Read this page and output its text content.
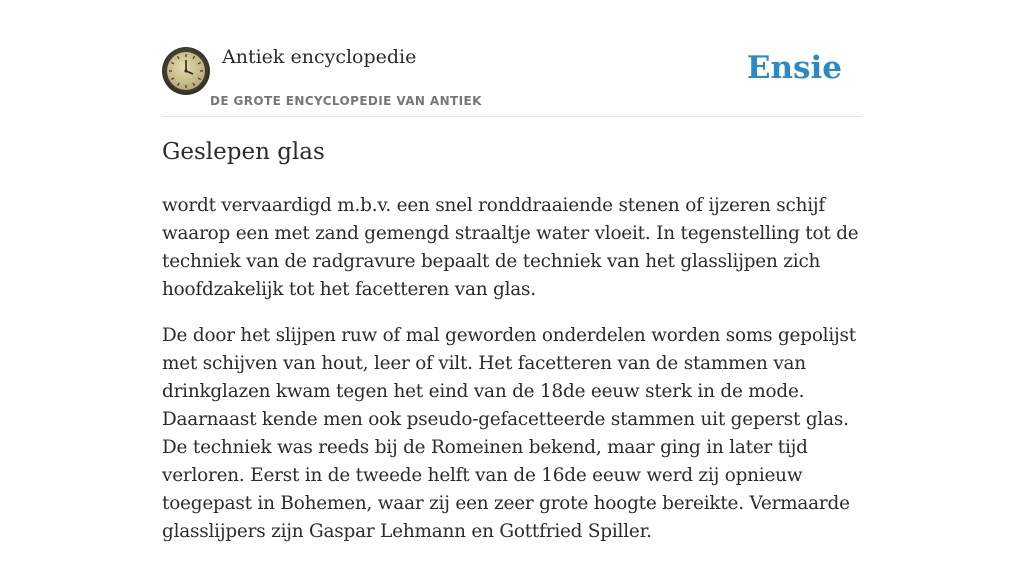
Antiek encyclopedie
DE GROTE ENCYCLOPEDIE VAN ANTIEK
Ensie
Geslepen glas

wordt vervaardigd m.b.v. een snel ronddraaiende stenen of ijzeren schijf waarop een met zand gemengd straaltje water vloeit. In tegenstelling tot de techniek van de radgravure bepaalt de techniek van het glasslijpen zich hoofdzakelijk tot het facetteren van glas.

De door het slijpen ruw of mal geworden onderdelen worden soms gepolijst met schijven van hout, leer of vilt. Het facetteren van de stammen van drinkglazen kwam tegen het eind van de 18de eeuw sterk in de mode. Daarnaast kende men ook pseudo-gefacetteerde stammen uit geperst glas. De techniek was reeds bij de Romeinen bekend, maar ging in later tijd verloren. Eerst in de tweede helft van de 16de eeuw werd zij opnieuw toegepast in Bohemen, waar zij een zeer grote hoogte bereikte. Vermaarde glasslijpers zijn Gaspar Lehmann en Gottfried Spiller.
